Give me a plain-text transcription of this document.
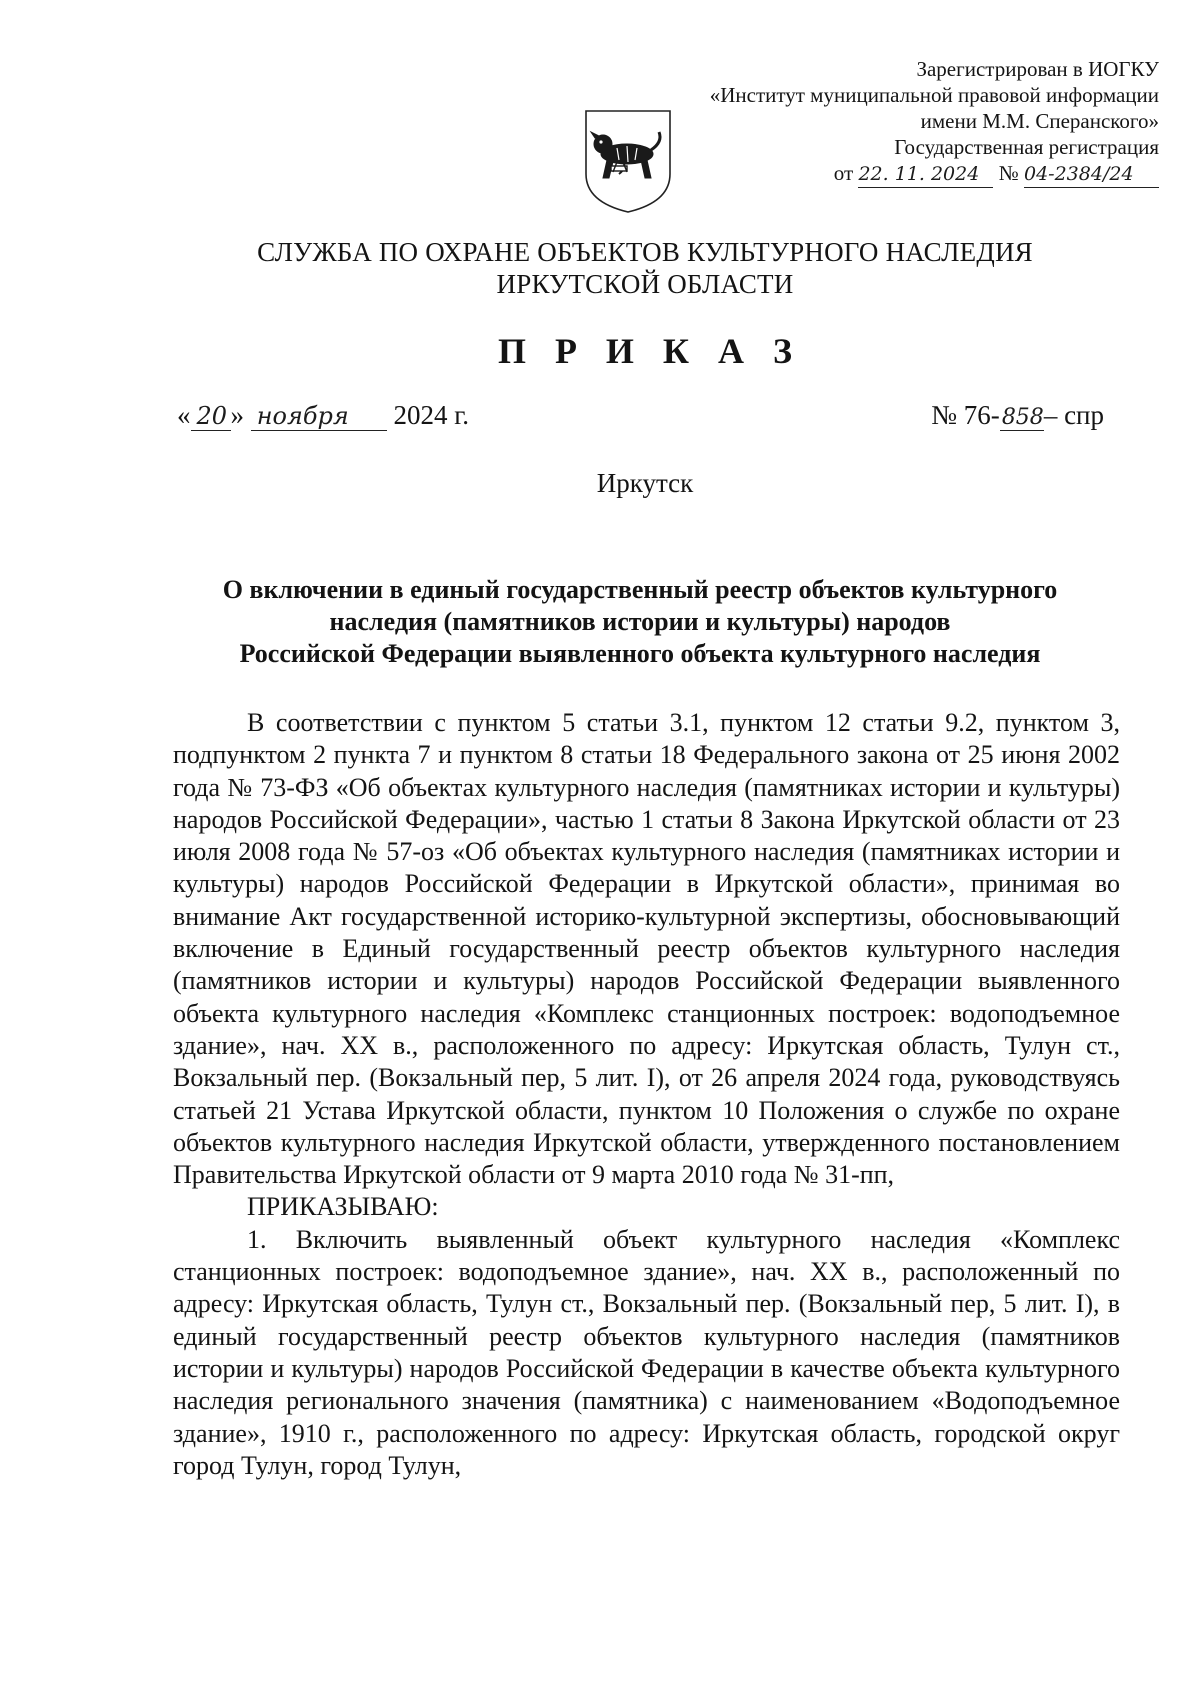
Зарегистрирован в ИОГКУ
«Институт муниципальной правовой информации
имени М.М. Сперанского»
Государственная регистрация
от 22. 11. 2024 № 04-2384/24
СЛУЖБА ПО ОХРАНЕ ОБЪЕКТОВ КУЛЬТУРНОГО НАСЛЕДИЯ
ИРКУТСКОЙ ОБЛАСТИ
П Р И К А З
« 20 » ноября 2024 г.	№ 76-858– спр
Иркутск
О включении в единый государственный реестр объектов культурного
наследия (памятников истории и культуры) народов
Российской Федерации выявленного объекта культурного наследия

В соответствии с пунктом 5 статьи 3.1, пунктом 12 статьи 9.2, пунктом 3, подпунктом 2 пункта 7 и пунктом 8 статьи 18 Федерального закона от 25 июня 2002 года № 73-ФЗ «Об объектах культурного наследия (памятниках истории и культуры) народов Российской Федерации», частью 1 статьи 8 Закона Иркутской области от 23 июля 2008 года № 57-оз «Об объектах культурного наследия (памятниках истории и культуры) народов Российской Федерации в Иркутской области», принимая во внимание Акт государственной историко-культурной экспертизы, обосновывающий включение в Единый государственный реестр объектов культурного наследия (памятников истории и культуры) народов Российской Федерации выявленного объекта культурного наследия «Комплекс станционных построек: водоподъемное здание», нач. XX в., расположенного по адресу: Иркутская область, Тулун ст., Вокзальный пер. (Вокзальный пер, 5 лит. I), от 26 апреля 2024 года, руководствуясь статьей 21 Устава Иркутской области, пунктом 10 Положения о службе по охране объектов культурного наследия Иркутской области, утвержденного постановлением Правительства Иркутской области от 9 марта 2010 года № 31-пп,

ПРИКАЗЫВАЮ:

1. Включить выявленный объект культурного наследия «Комплекс станционных построек: водоподъемное здание», нач. XX в., расположенный по адресу: Иркутская область, Тулун ст., Вокзальный пер. (Вокзальный пер, 5 лит. I), в единый государственный реестр объектов культурного наследия (памятников истории и культуры) народов Российской Федерации в качестве объекта культурного наследия регионального значения (памятника) с наименованием «Водоподъемное здание», 1910 г., расположенного по адресу: Иркутская область, городской округ город Тулун, город Тулун,
